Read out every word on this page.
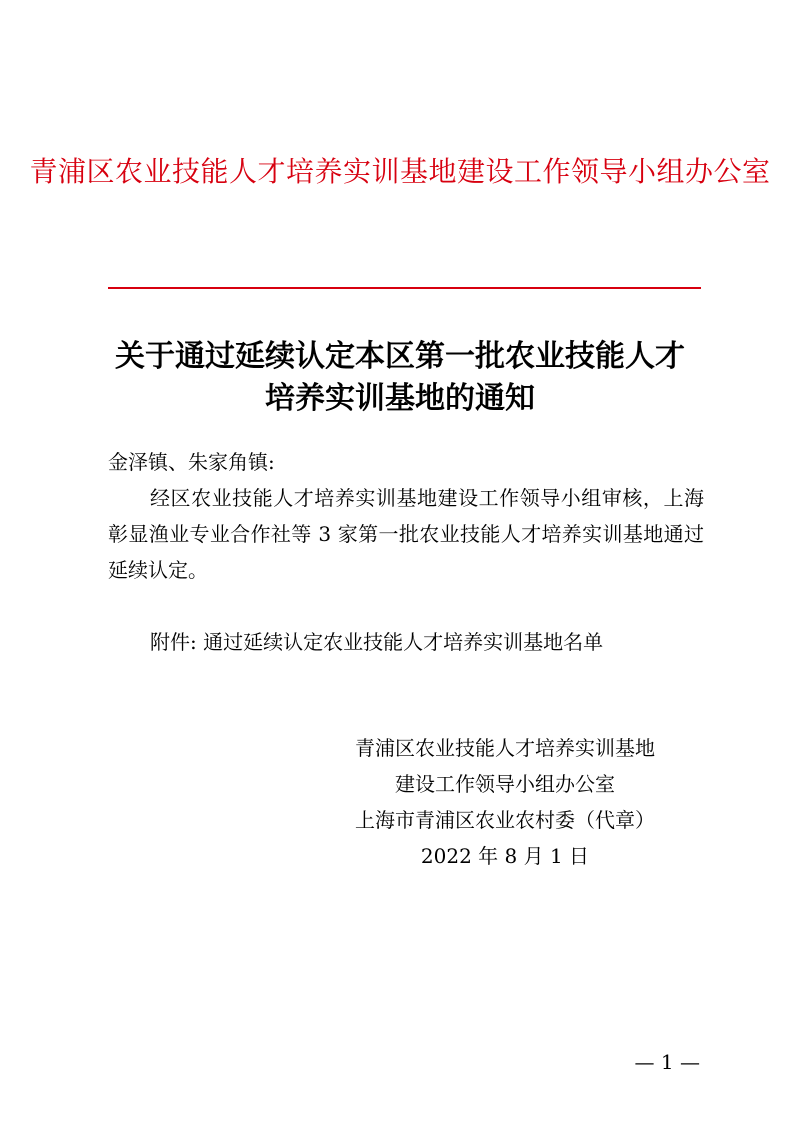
青浦区农业技能人才培养实训基地建设工作领导小组办公室
关于通过延续认定本区第一批农业技能人才
培养实训基地的通知
金泽镇、朱家角镇:
经区农业技能人才培养实训基地建设工作领导小组审核，上海彰显渔业专业合作社等 3 家第一批农业技能人才培养实训基地通过延续认定。
附件: 通过延续认定农业技能人才培养实训基地名单
青浦区农业技能人才培养实训基地
建设工作领导小组办公室
上海市青浦区农业农村委（代章）
2022 年 8 月 1 日
— 1 —
